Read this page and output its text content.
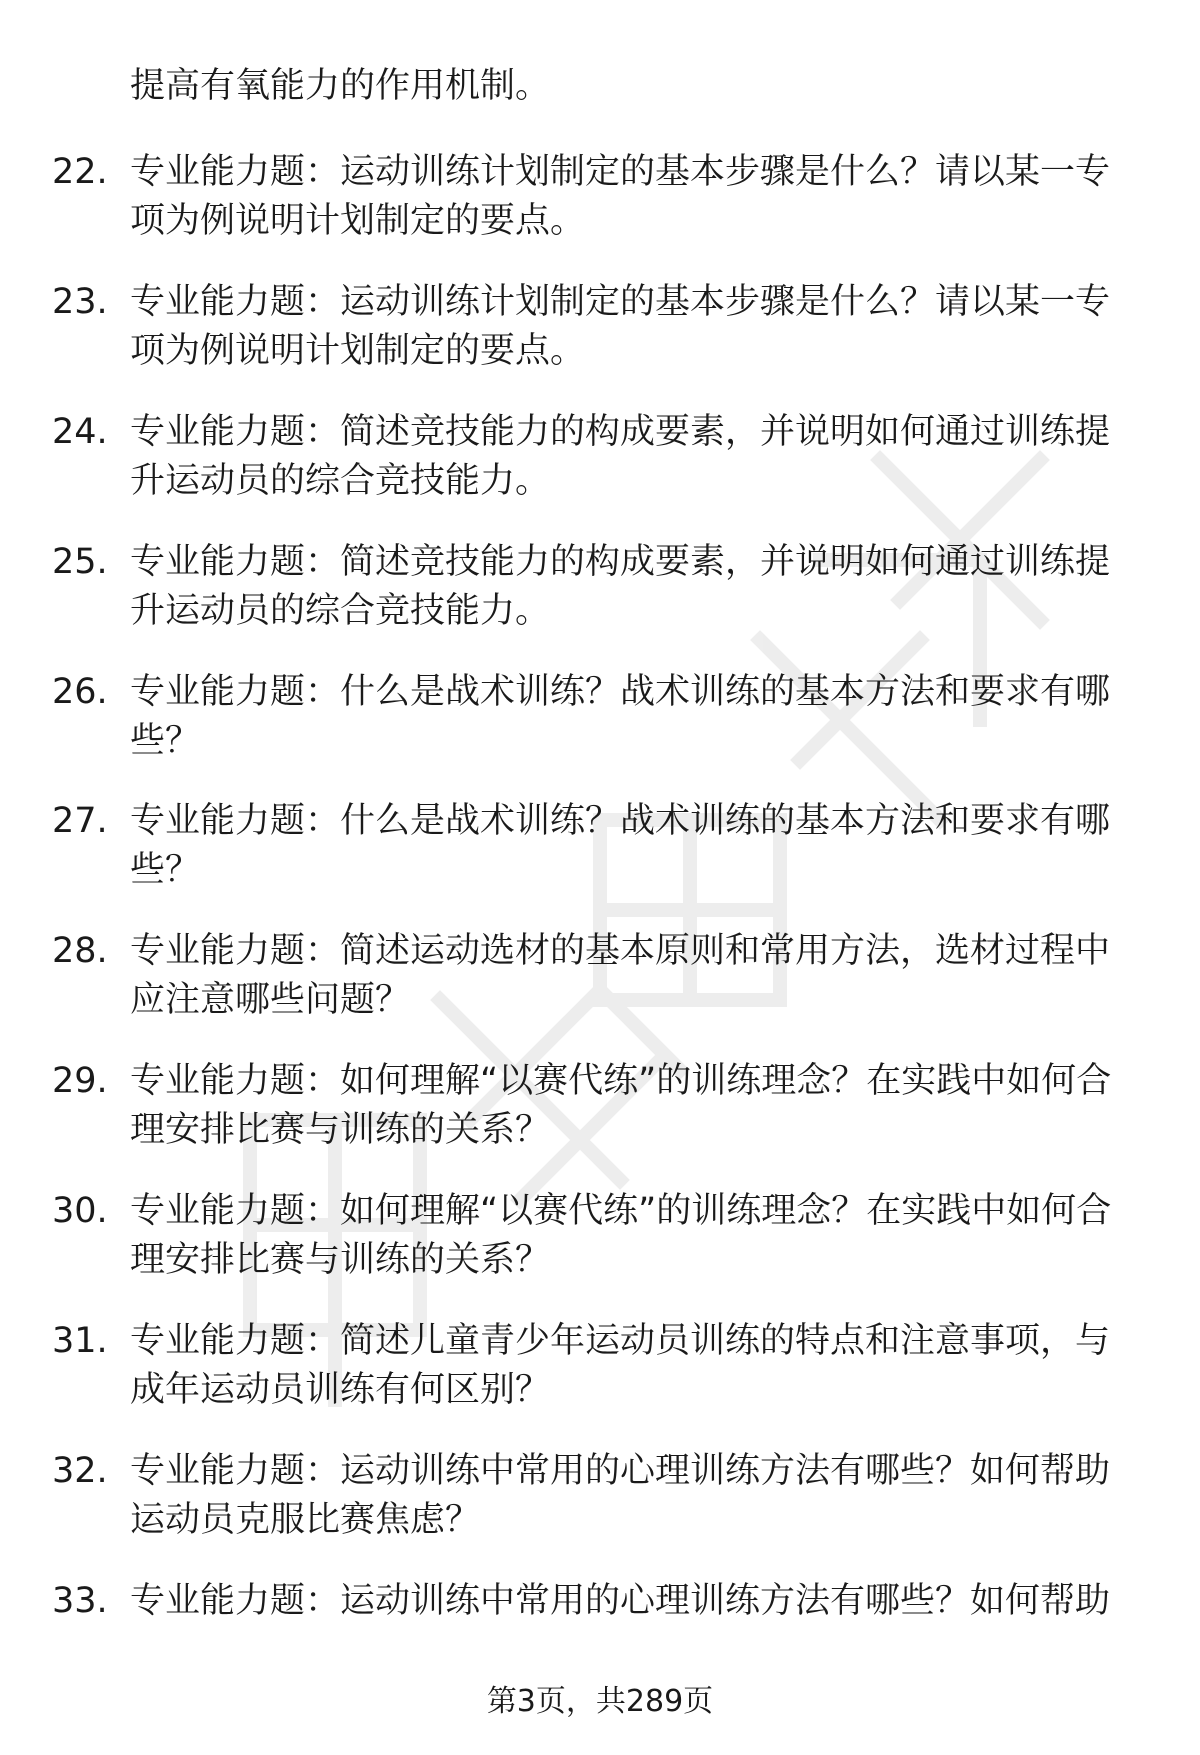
提高有氧能力的作用机制。
22. 专业能力题：运动训练计划制定的基本步骤是什么？请以某一专项为例说明计划制定的要点。
23. 专业能力题：运动训练计划制定的基本步骤是什么？请以某一专项为例说明计划制定的要点。
24. 专业能力题：简述竞技能力的构成要素，并说明如何通过训练提升运动员的综合竞技能力。
25. 专业能力题：简述竞技能力的构成要素，并说明如何通过训练提升运动员的综合竞技能力。
26. 专业能力题：什么是战术训练？战术训练的基本方法和要求有哪些？
27. 专业能力题：什么是战术训练？战术训练的基本方法和要求有哪些？
28. 专业能力题：简述运动选材的基本原则和常用方法，选材过程中应注意哪些问题？
29. 专业能力题：如何理解“以赛代练”的训练理念？在实践中如何合理安排比赛与训练的关系？
30. 专业能力题：如何理解“以赛代练”的训练理念？在实践中如何合理安排比赛与训练的关系？
31. 专业能力题：简述儿童青少年运动员训练的特点和注意事项，与成年运动员训练有何区别？
32. 专业能力题：运动训练中常用的心理训练方法有哪些？如何帮助运动员克服比赛焦虑？
33. 专业能力题：运动训练中常用的心理训练方法有哪些？如何帮助
第3页，共289页
